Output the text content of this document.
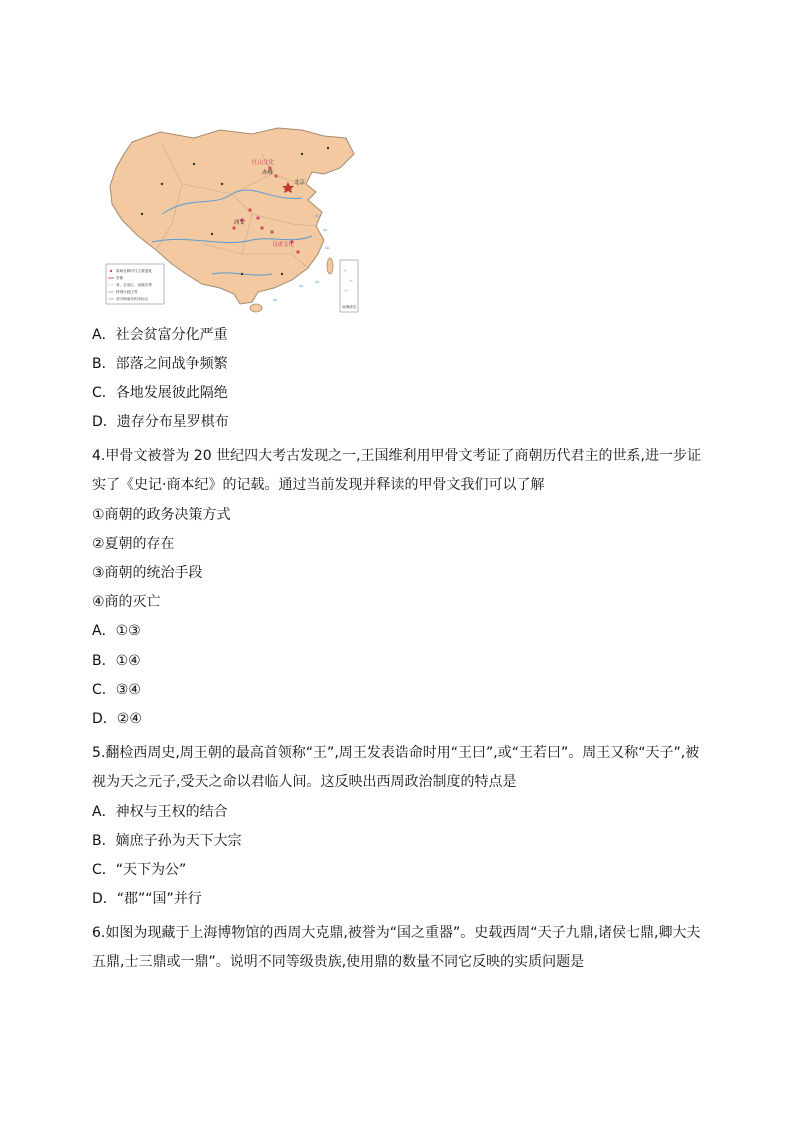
≈
≈
≈
≈
≈
≈
红山文化
良渚文化
北京
赤峰
西安
原始农耕时代主要遗址
首都
省、自治区、直辖市界
特别行政区界
部分海南岛屿未标注
≈
≈
≈
南海诸岛
A．社会贫富分化严重
B．部落之间战争频繁
C．各地发展彼此隔绝
D．遗存分布星罗棋布
4.甲骨文被誉为 20 世纪四大考古发现之一,王国维利用甲骨文考证了商朝历代君主的世系,进一步证
实了《史记·商本纪》的记载。通过当前发现并释读的甲骨文我们可以了解
①商朝的政务决策方式
②夏朝的存在
③商朝的统治手段
④商的灭亡
A．①③
B．①④
C．③④
D．②④
5.翻检西周史,周王朝的最高首领称“王”,周王发表诰命时用“王曰”,或“王若曰”。周王又称“天子”,被
视为天之元子,受天之命以君临人间。这反映出西周政治制度的特点是
A．神权与王权的结合
B．嫡庶子孙为天下大宗
C．“天下为公”
D．“郡”“国”并行
6.如图为现藏于上海博物馆的西周大克鼎,被誉为“国之重器”。史载西周“天子九鼎,诸侯七鼎,卿大夫
五鼎,士三鼎或一鼎”。说明不同等级贵族,使用鼎的数量不同它反映的实质问题是
